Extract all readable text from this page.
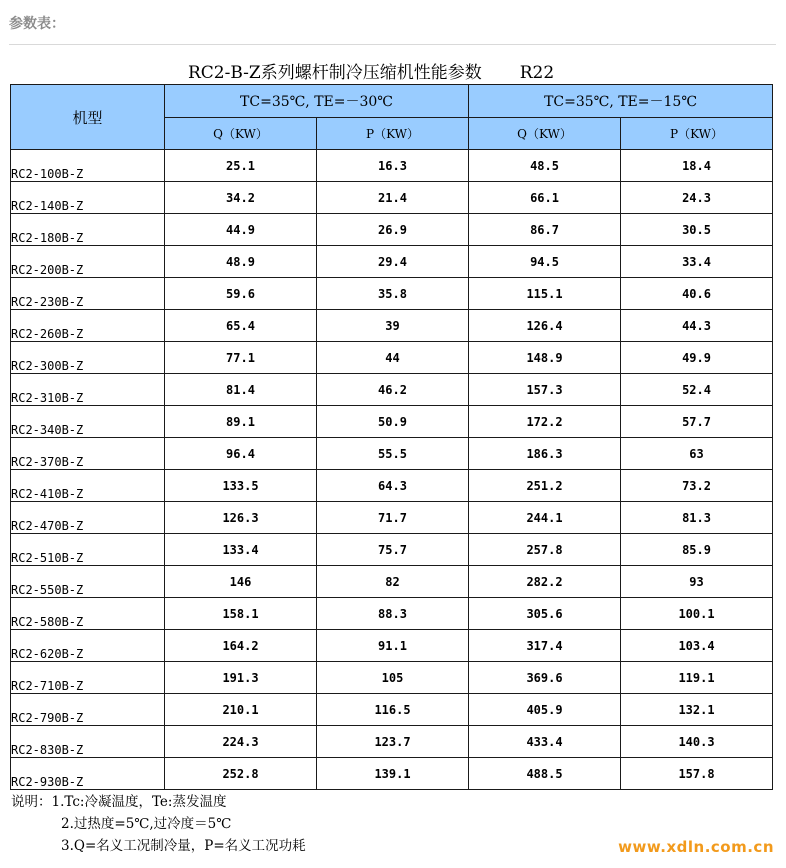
参数表：
RC2-B-Z系列螺杆制冷压缩机性能参数 R22
机型	TC=35℃, TE=－30℃		TC=35℃, TE=－15℃	
	Q（KW）	P（KW）	Q（KW）	P（KW）
RC2-100B-Z	25.1	16.3	48.5	18.4
RC2-140B-Z	34.2	21.4	66.1	24.3
RC2-180B-Z	44.9	26.9	86.7	30.5
RC2-200B-Z	48.9	29.4	94.5	33.4
RC2-230B-Z	59.6	35.8	115.1	40.6
RC2-260B-Z	65.4	39	126.4	44.3
RC2-300B-Z	77.1	44	148.9	49.9
RC2-310B-Z	81.4	46.2	157.3	52.4
RC2-340B-Z	89.1	50.9	172.2	57.7
RC2-370B-Z	96.4	55.5	186.3	63
RC2-410B-Z	133.5	64.3	251.2	73.2
RC2-470B-Z	126.3	71.7	244.1	81.3
RC2-510B-Z	133.4	75.7	257.8	85.9
RC2-550B-Z	146	82	282.2	93
RC2-580B-Z	158.1	88.3	305.6	100.1
RC2-620B-Z	164.2	91.1	317.4	103.4
RC2-710B-Z	191.3	105	369.6	119.1
RC2-790B-Z	210.1	116.5	405.9	132.1
RC2-830B-Z	224.3	123.7	433.4	140.3
RC2-930B-Z	252.8	139.1	488.5	157.8
说明：1.Tc:冷凝温度，Te:蒸发温度
2.过热度=5℃,过冷度＝5℃
3.Q=名义工况制冷量，P=名义工况功耗	www.xdln.com.cn
